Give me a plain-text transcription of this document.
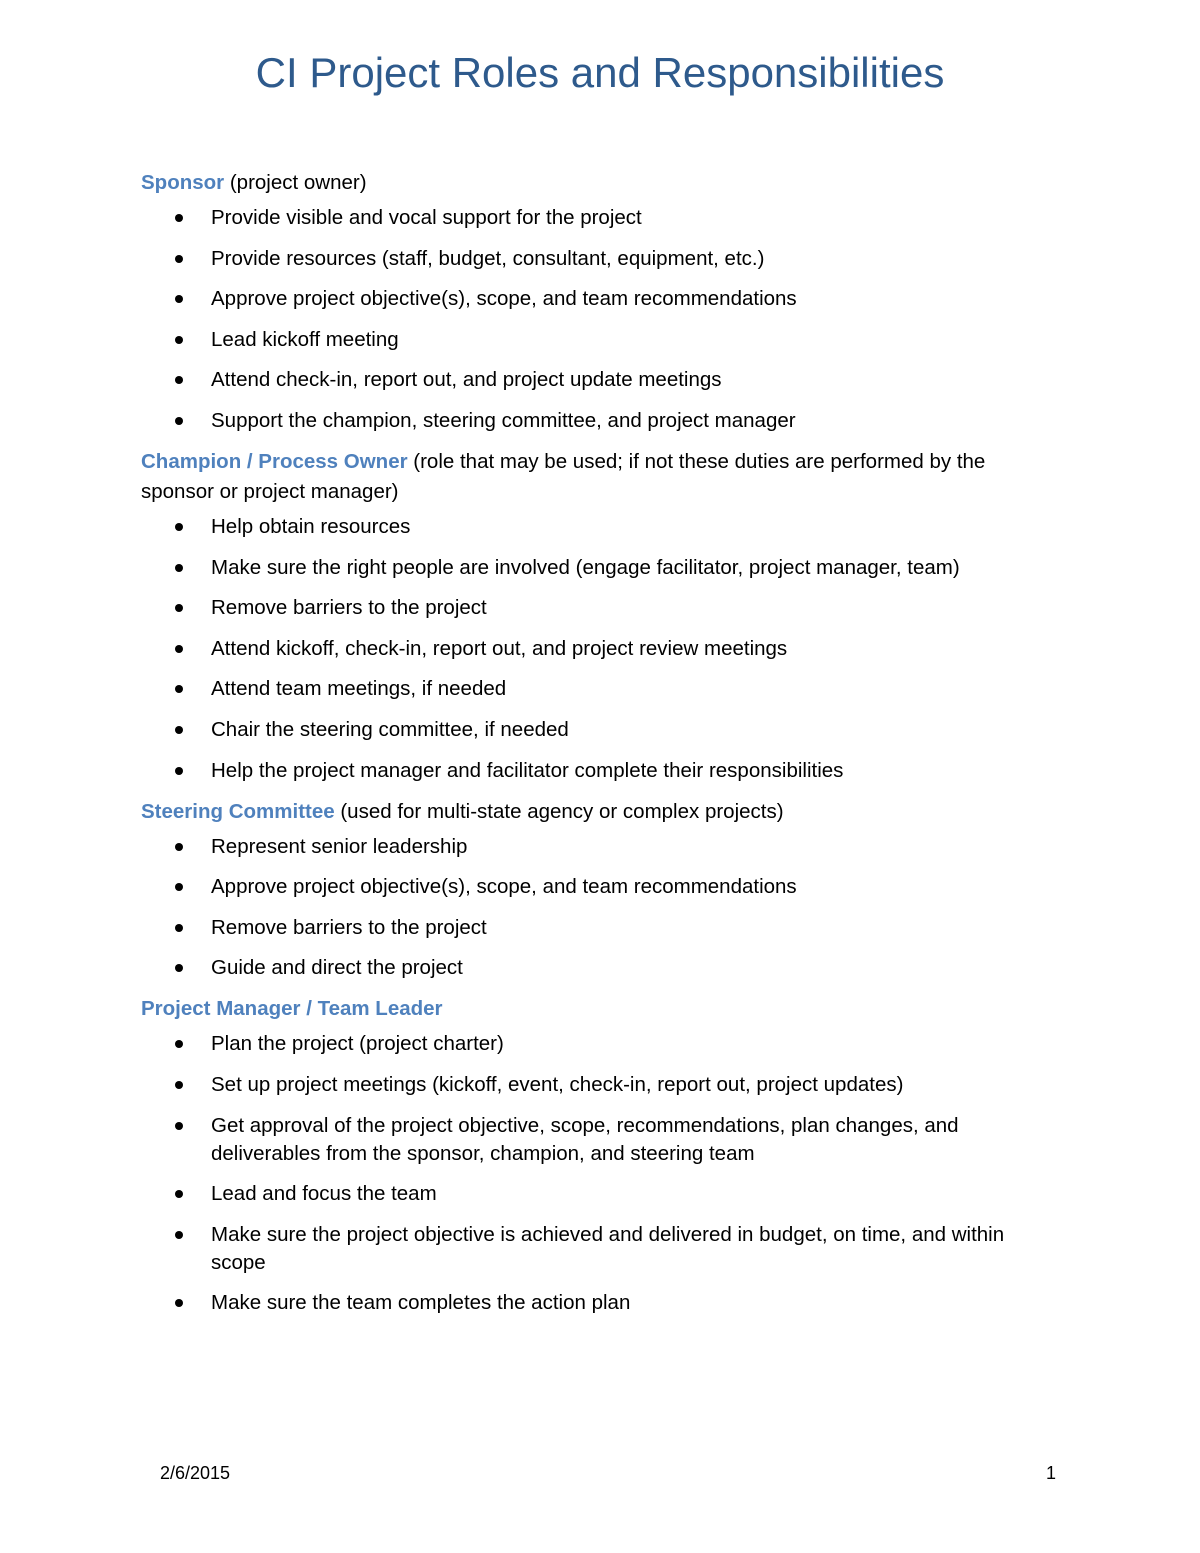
CI Project Roles and Responsibilities

Sponsor (project owner)

Provide visible and vocal support for the project
Provide resources (staff, budget, consultant, equipment, etc.)
Approve project objective(s), scope, and team recommendations
Lead kickoff meeting
Attend check-in, report out, and project update meetings
Support the champion, steering committee, and project manager

Champion / Process Owner (role that may be used; if not these duties are performed by the sponsor or project manager)

Help obtain resources
Make sure the right people are involved (engage facilitator, project manager, team)
Remove barriers to the project
Attend kickoff, check-in, report out, and project review meetings
Attend team meetings, if needed
Chair the steering committee, if needed
Help the project manager and facilitator complete their responsibilities

Steering Committee (used for multi-state agency or complex projects)

Represent senior leadership
Approve project objective(s), scope, and team recommendations
Remove barriers to the project
Guide and direct the project

Project Manager / Team Leader

Plan the project (project charter)
Set up project meetings (kickoff, event, check-in, report out, project updates)
Get approval of the project objective, scope, recommendations, plan changes, and deliverables from the sponsor, champion, and steering team
Lead and focus the team
Make sure the project objective is achieved and delivered in budget, on time, and within scope
Make sure the team completes the action plan
2/6/2015	1
